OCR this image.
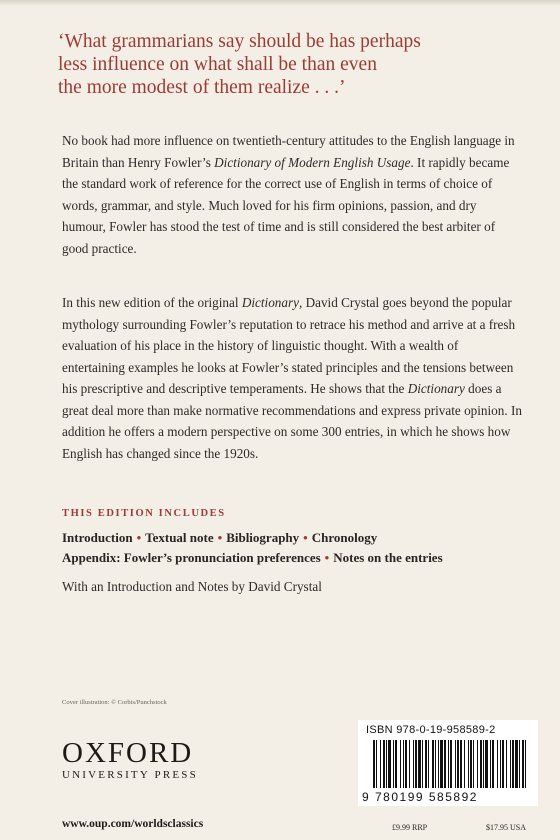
‘What grammarians say should be has perhaps
less influence on what shall be than even
the more modest of them realize . . .’
No book had more influence on twentieth-century attitudes to the English language in Britain than Henry Fowler’s Dictionary of Modern English Usage. It rapidly became the standard work of reference for the correct use of English in terms of choice of words, grammar, and style. Much loved for his firm opinions, passion, and dry humour, Fowler has stood the test of time and is still considered the best arbiter of good practice.
In this new edition of the original Dictionary, David Crystal goes beyond the popular mythology surrounding Fowler’s reputation to retrace his method and arrive at a fresh evaluation of his place in the history of linguistic thought. With a wealth of entertaining examples he looks at Fowler’s stated principles and the tensions between his prescriptive and descriptive temperaments. He shows that the Dictionary does a great deal more than make normative recommendations and express private opinion. In addition he offers a modern perspective on some 300 entries, in which he shows how English has changed since the 1920s.
THIS EDITION INCLUDES
Introduction • Textual note • Bibliography • Chronology
Appendix: Fowler’s pronunciation preferences • Notes on the entries
With an Introduction and Notes by David Crystal
Cover illustration: © Corbis/Punchstock
OXFORD
UNIVERSITY PRESS
www.oup.com/worldsclassics
ISBN 978-0-19-958589-2
9 780199 585892
£9.99 RRP	$17.95 USA
